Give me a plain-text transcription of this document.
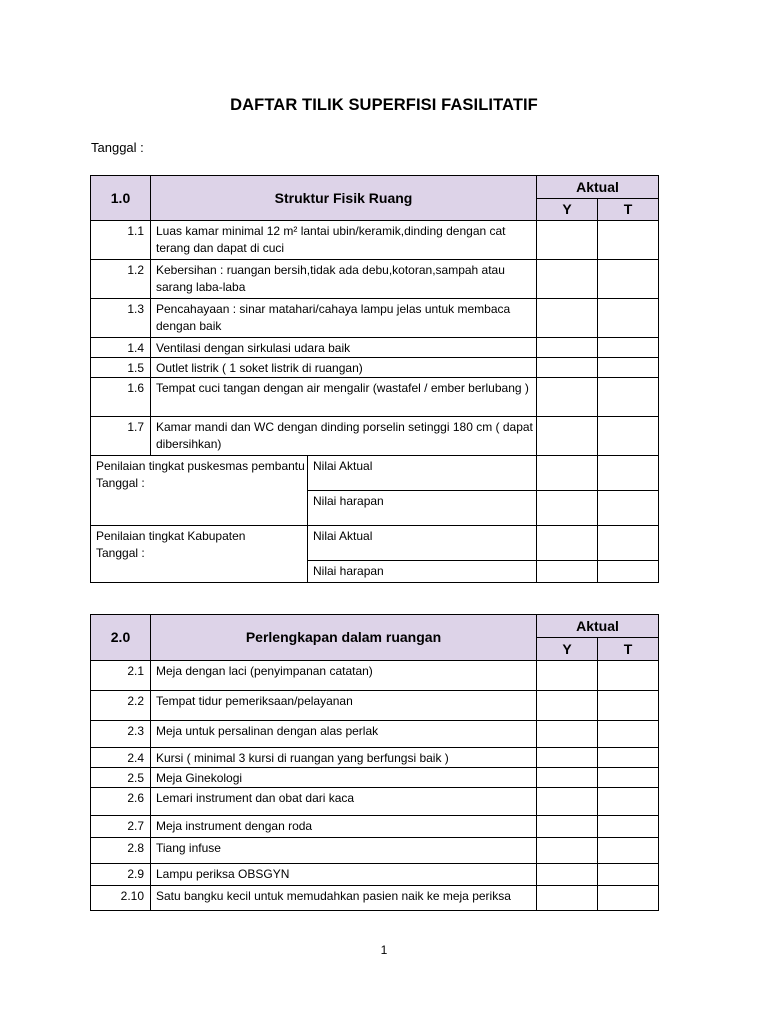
DAFTAR TILIK SUPERFISI FASILITATIF
Tanggal :
1.0	Struktur Fisik Ruang		Aktual	
			Y	T
1.1	Luas kamar minimal 12 m² lantai ubin/keramik,dinding dengan cat terang dan dapat di cuci			
1.2	Kebersihan : ruangan bersih,tidak ada debu,kotoran,sampah atau sarang laba-laba			
1.3	Pencahayaan : sinar matahari/cahaya lampu jelas untuk membaca dengan baik			
1.4	Ventilasi dengan sirkulasi udara baik			
1.5	Outlet listrik ( 1 soket listrik di ruangan)			
1.6	Tempat cuci tangan dengan air mengalir (wastafel / ember berlubang )			
1.7	Kamar mandi dan WC dengan dinding porselin setinggi 180 cm ( dapat dibersihkan)			

Penilaian tingkat puskesmas pembantu
Tanggal :		Nilai Aktual		
		Nilai harapan		

Penilaian tingkat Kabupaten
Tanggal :		Nilai Aktual		
		Nilai harapan		
2.0	Perlengkapan dalam ruangan	Aktual	
		Y	T
2.1	Meja dengan laci (penyimpanan catatan)		
2.2	Tempat tidur pemeriksaan/pelayanan		
2.3	Meja untuk persalinan dengan alas perlak		
2.4	Kursi ( minimal 3 kursi di ruangan yang berfungsi baik )		
2.5	Meja Ginekologi		
2.6	Lemari instrument dan obat dari kaca		
2.7	Meja instrument dengan roda		
2.8	Tiang infuse		
2.9	Lampu periksa OBSGYN		
2.10	Satu bangku kecil untuk memudahkan pasien naik ke meja periksa		
1
